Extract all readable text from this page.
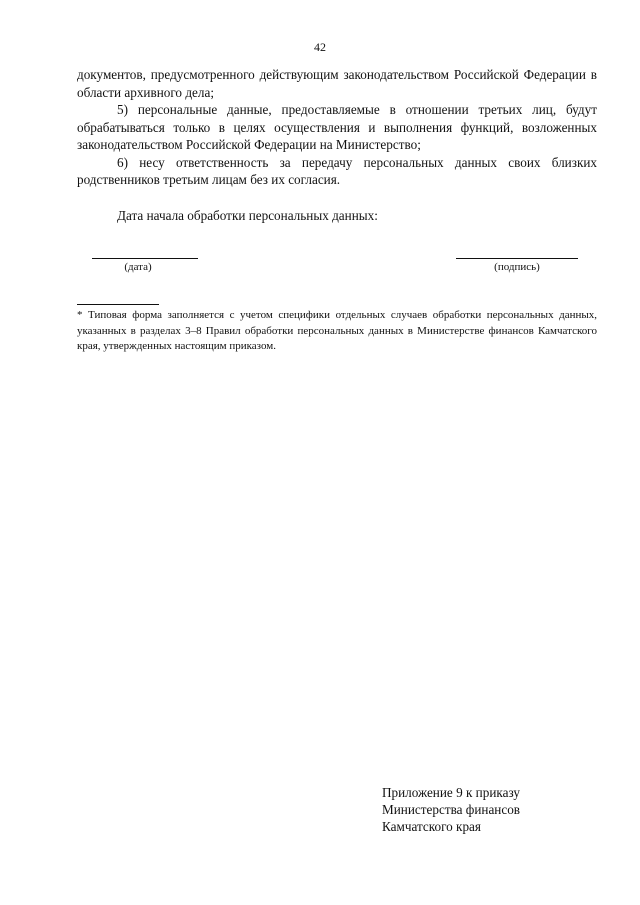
42

документов, предусмотренного действующим законодательством Российской Федерации в области архивного дела;

5) персональные данные, предоставляемые в отношении третьих лиц, будут обрабатываться только в целях осуществления и выполнения функций, возложенных законодательством Российской Федерации на Министерство;

6) несу ответственность за передачу персональных данных своих близких родственников третьим лицам без их согласия.

Дата начала обработки персональных данных:
(дата)	(подпись)
* Типовая форма заполняется с учетом специфики отдельных случаев обработки персональных данных, указанных в разделах 3–8 Правил обработки персональных данных в Министерстве финансов Камчатского края, утвержденных настоящим приказом.
Приложение 9 к приказу
Министерства финансов
Камчатского края
